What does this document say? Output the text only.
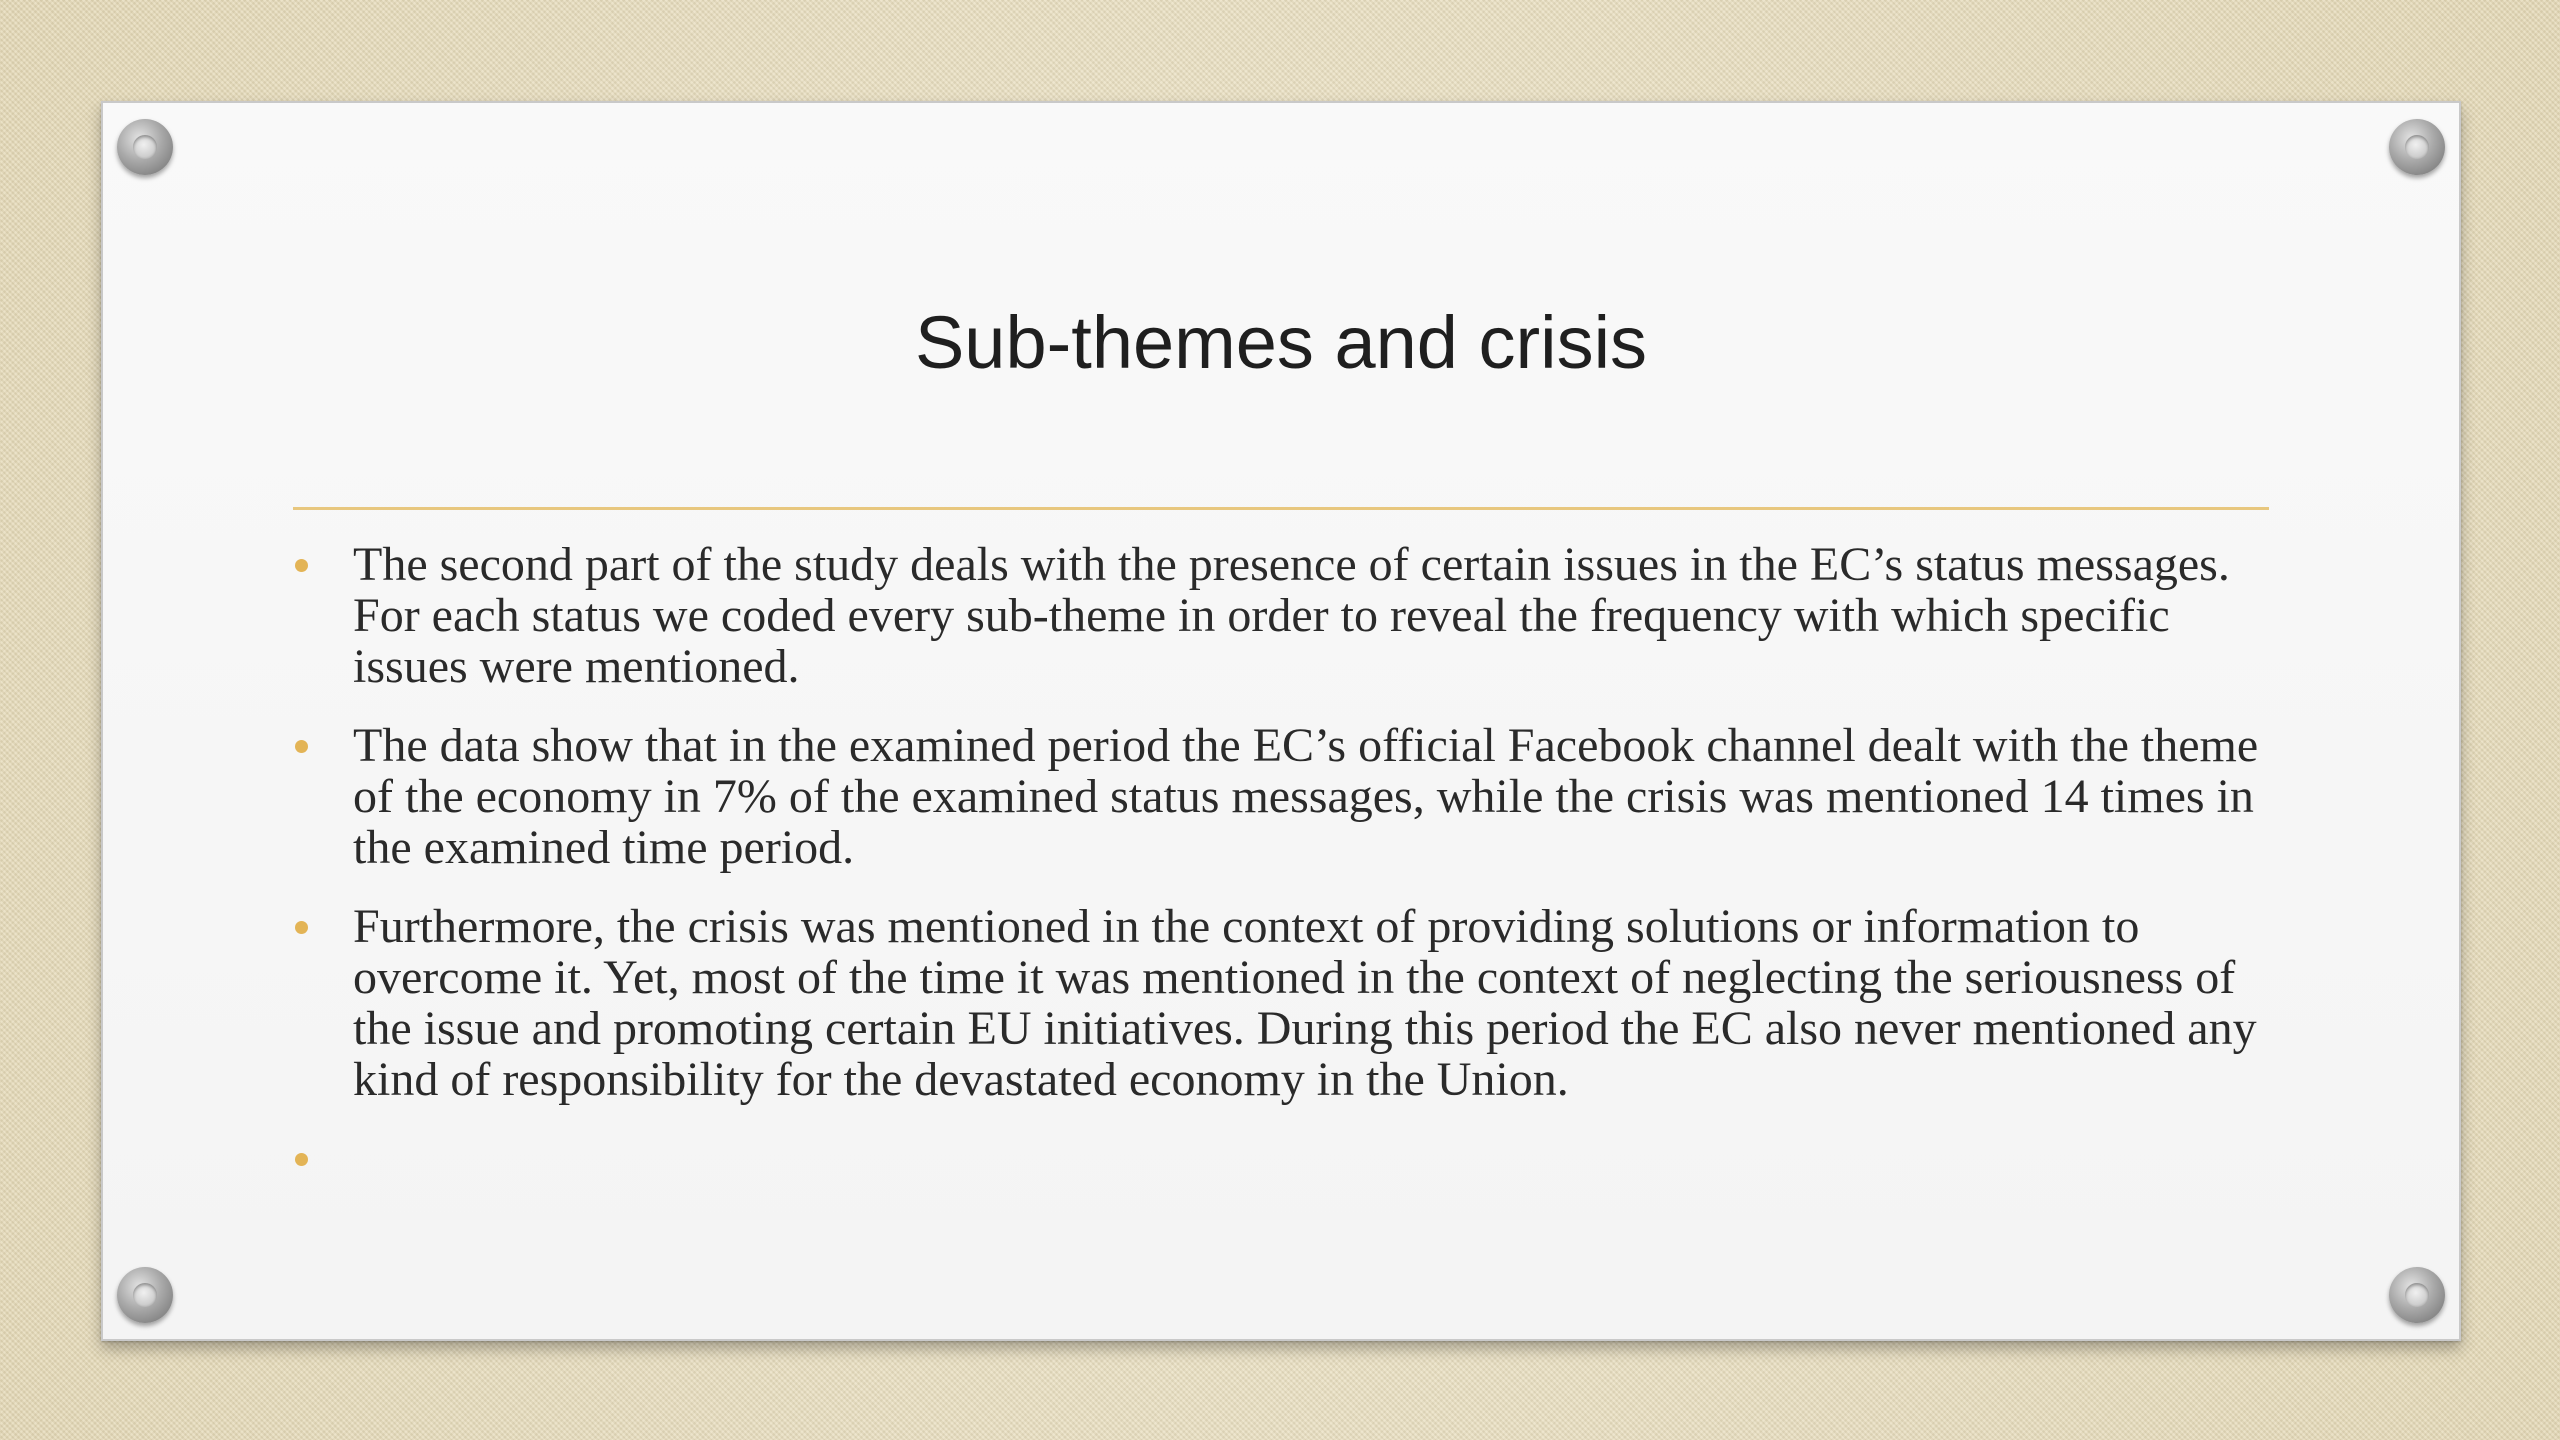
Sub-themes and crisis
The second part of the study deals with the presence of certain issues in the EC’s status messages. For each status we coded every sub-theme in order to reveal the frequency with which specific issues were mentioned.
The data show that in the examined period the EC’s official Facebook channel dealt with the theme of the economy in 7% of the examined status messages, while the crisis was mentioned 14 times in the examined time period.
Furthermore, the crisis was mentioned in the context of providing solutions or information to overcome it. Yet, most of the time it was mentioned in the context of neglecting the seriousness of the issue and promoting certain EU initiatives. During this period the EC also never mentioned any kind of responsibility for the devastated economy in the Union.
